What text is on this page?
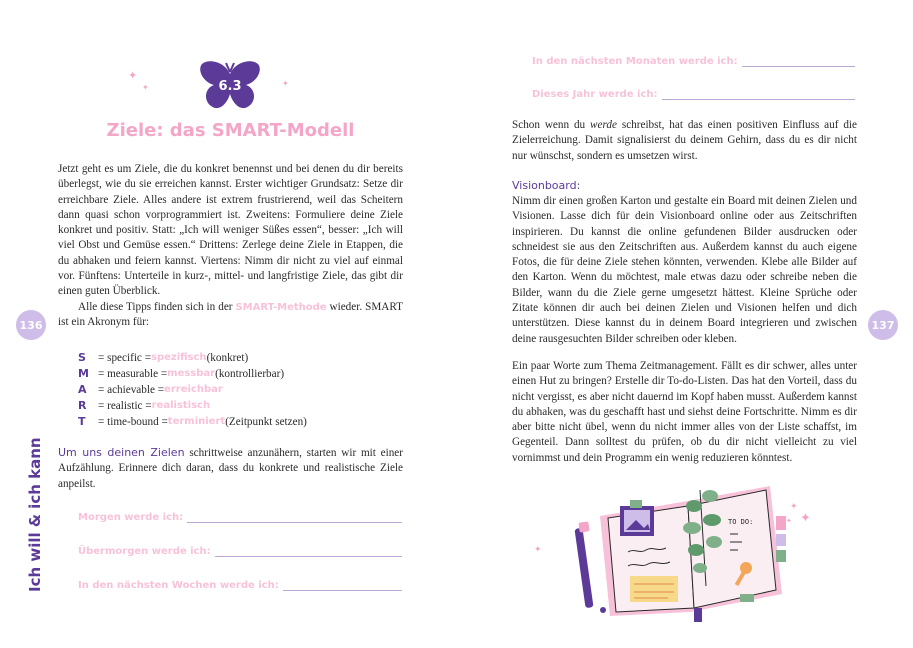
Ich will & ich kann
136
✦
✦	✦
6.3
Ziele: das SMART-Modell
Jetzt geht es um Ziele, die du konkret benennst und bei denen du dir bereits überlegst, wie du sie erreichen kannst. Erster wichtiger Grundsatz: Setze dir erreichbare Ziele. Alles andere ist extrem frustrierend, weil das Scheitern dann quasi schon vorprogrammiert ist. Zweitens: Formuliere deine Ziele konkret und positiv. Statt: „Ich will weniger Süßes essen“, besser: „Ich will viel Obst und Gemüse essen.“ Drittens: Zerlege deine Ziele in Etappen, die du abhaken und feiern kannst. Viertens: Nimm dir nicht zu viel auf einmal vor. Fünftens: Unterteile in kurz-, mittel- und langfristige Ziele, das gibt dir einen guten Überblick.
Alle diese Tipps finden sich in der SMART-Methode wieder. SMART ist ein Akronym für:
S	= specific = spezifisch (konkret)
M = measurable = messbar (kontrollierbar)
A	= achievable = erreichbar
R	= realistic = realistisch
T	= time-bound = terminiert (Zeitpunkt setzen)
Um uns deinen Zielen schrittweise anzunähern, starten wir mit einer Aufzählung. Erinnere dich daran, dass du konkrete und realistische Ziele anpeilst.
Morgen werde ich:
Übermorgen werde ich:
In den nächsten Wochen werde ich:
137
In den nächsten Monaten werde ich:
Dieses Jahr werde ich:
Schon wenn du werde schreibst, hat das einen positiven Einfluss auf die Zielerreichung. Damit signalisierst du deinem Gehirn, dass du es dir nicht nur wünschst, sondern es umsetzen wirst.
Visionboard:
Nimm dir einen großen Karton und gestalte ein Board mit deinen Zielen und Visionen. Lasse dich für dein Visionboard online oder aus Zeitschriften inspirieren. Du kannst die online gefundenen Bilder ausdrucken oder schneidest sie aus den Zeitschriften aus. Außerdem kannst du auch eigene Fotos, die für deine Ziele stehen könnten, verwenden. Klebe alle Bilder auf den Karton. Wenn du möchtest, male etwas dazu oder schreibe neben die Bilder, wann du die Ziele gerne umgesetzt hättest. Kleine Sprüche oder Zitate können dir auch bei deinen Zielen und Visionen helfen und dich unterstützen. Diese kannst du in deinem Board integrieren und zwischen deine rausgesuchten Bilder schreiben oder kleben.
Ein paar Worte zum Thema Zeitmanagement. Fällt es dir schwer, alles unter einen Hut zu bringen? Erstelle dir To-do-Listen. Das hat den Vorteil, dass du nicht vergisst, es aber nicht dauernd im Kopf haben musst. Außerdem kannst du abhaken, was du geschafft hast und siehst deine Fortschritte. Nimm es dir aber bitte nicht übel, wenn du nicht immer alles von der Liste schaffst, im Gegenteil. Dann solltest du prüfen, ob du dir nicht vielleicht zu viel vornimmst und dein Programm ein wenig reduzieren könntest.
✦
✦
✦
✦
TO DO:
